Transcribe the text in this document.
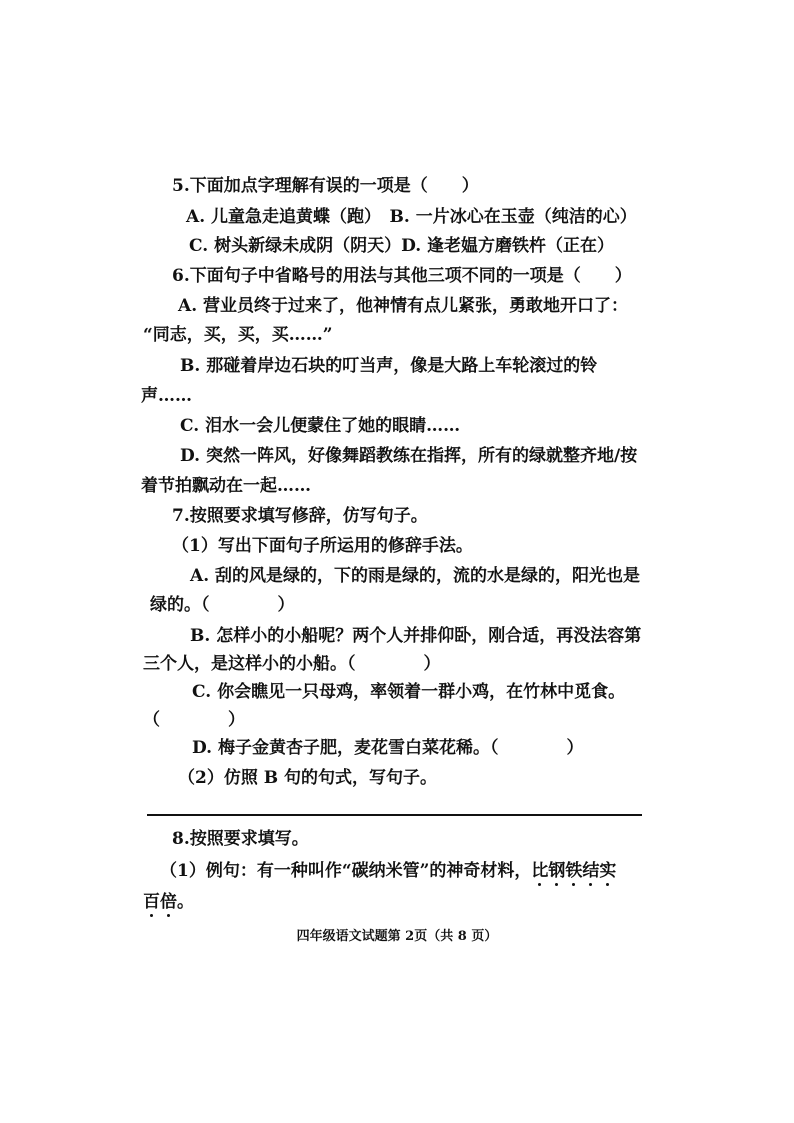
5.下面加点字理解有误的一项是（　　）
A. 儿童急走追黄蝶（跑）　B. 一片冰心在玉壶（纯洁的心）
C. 树头新绿未成阴（阴天）D. 逢老媪方磨铁杵（正在）
6.下面句子中省略号的用法与其他三项不同的一项是（　　）
A. 营业员终于过来了，他神情有点儿紧张，勇敢地开口了：
“同志，买，买，买……”
B. 那碰着岸边石块的叮当声，像是大路上车轮滚过的铃
声……
C. 泪水一会儿便蒙住了她的眼睛……
D. 突然一阵风，好像舞蹈教练在指挥，所有的绿就整齐地/按
着节拍飘动在一起……
7.按照要求填写修辞，仿写句子。
（1）写出下面句子所运用的修辞手法。
A. 刮的风是绿的，下的雨是绿的，流的水是绿的，阳光也是
绿的。（　　　　）
B. 怎样小的小船呢？两个人并排仰卧，刚合适，再没法容第
三个人，是这样小的小船。（　　　　）
C. 你会瞧见一只母鸡，率领着一群小鸡，在竹林中觅食。
（　　　　）
D. 梅子金黄杏子肥，麦花雪白菜花稀。（　　　　）
（2）仿照 B 句的句式，写句子。
8.按照要求填写。
（1）例句：有一种叫作“碳纳米管”的神奇材料，比钢铁结实
百倍。
四年级语文试题第 2页（共 8 页）
